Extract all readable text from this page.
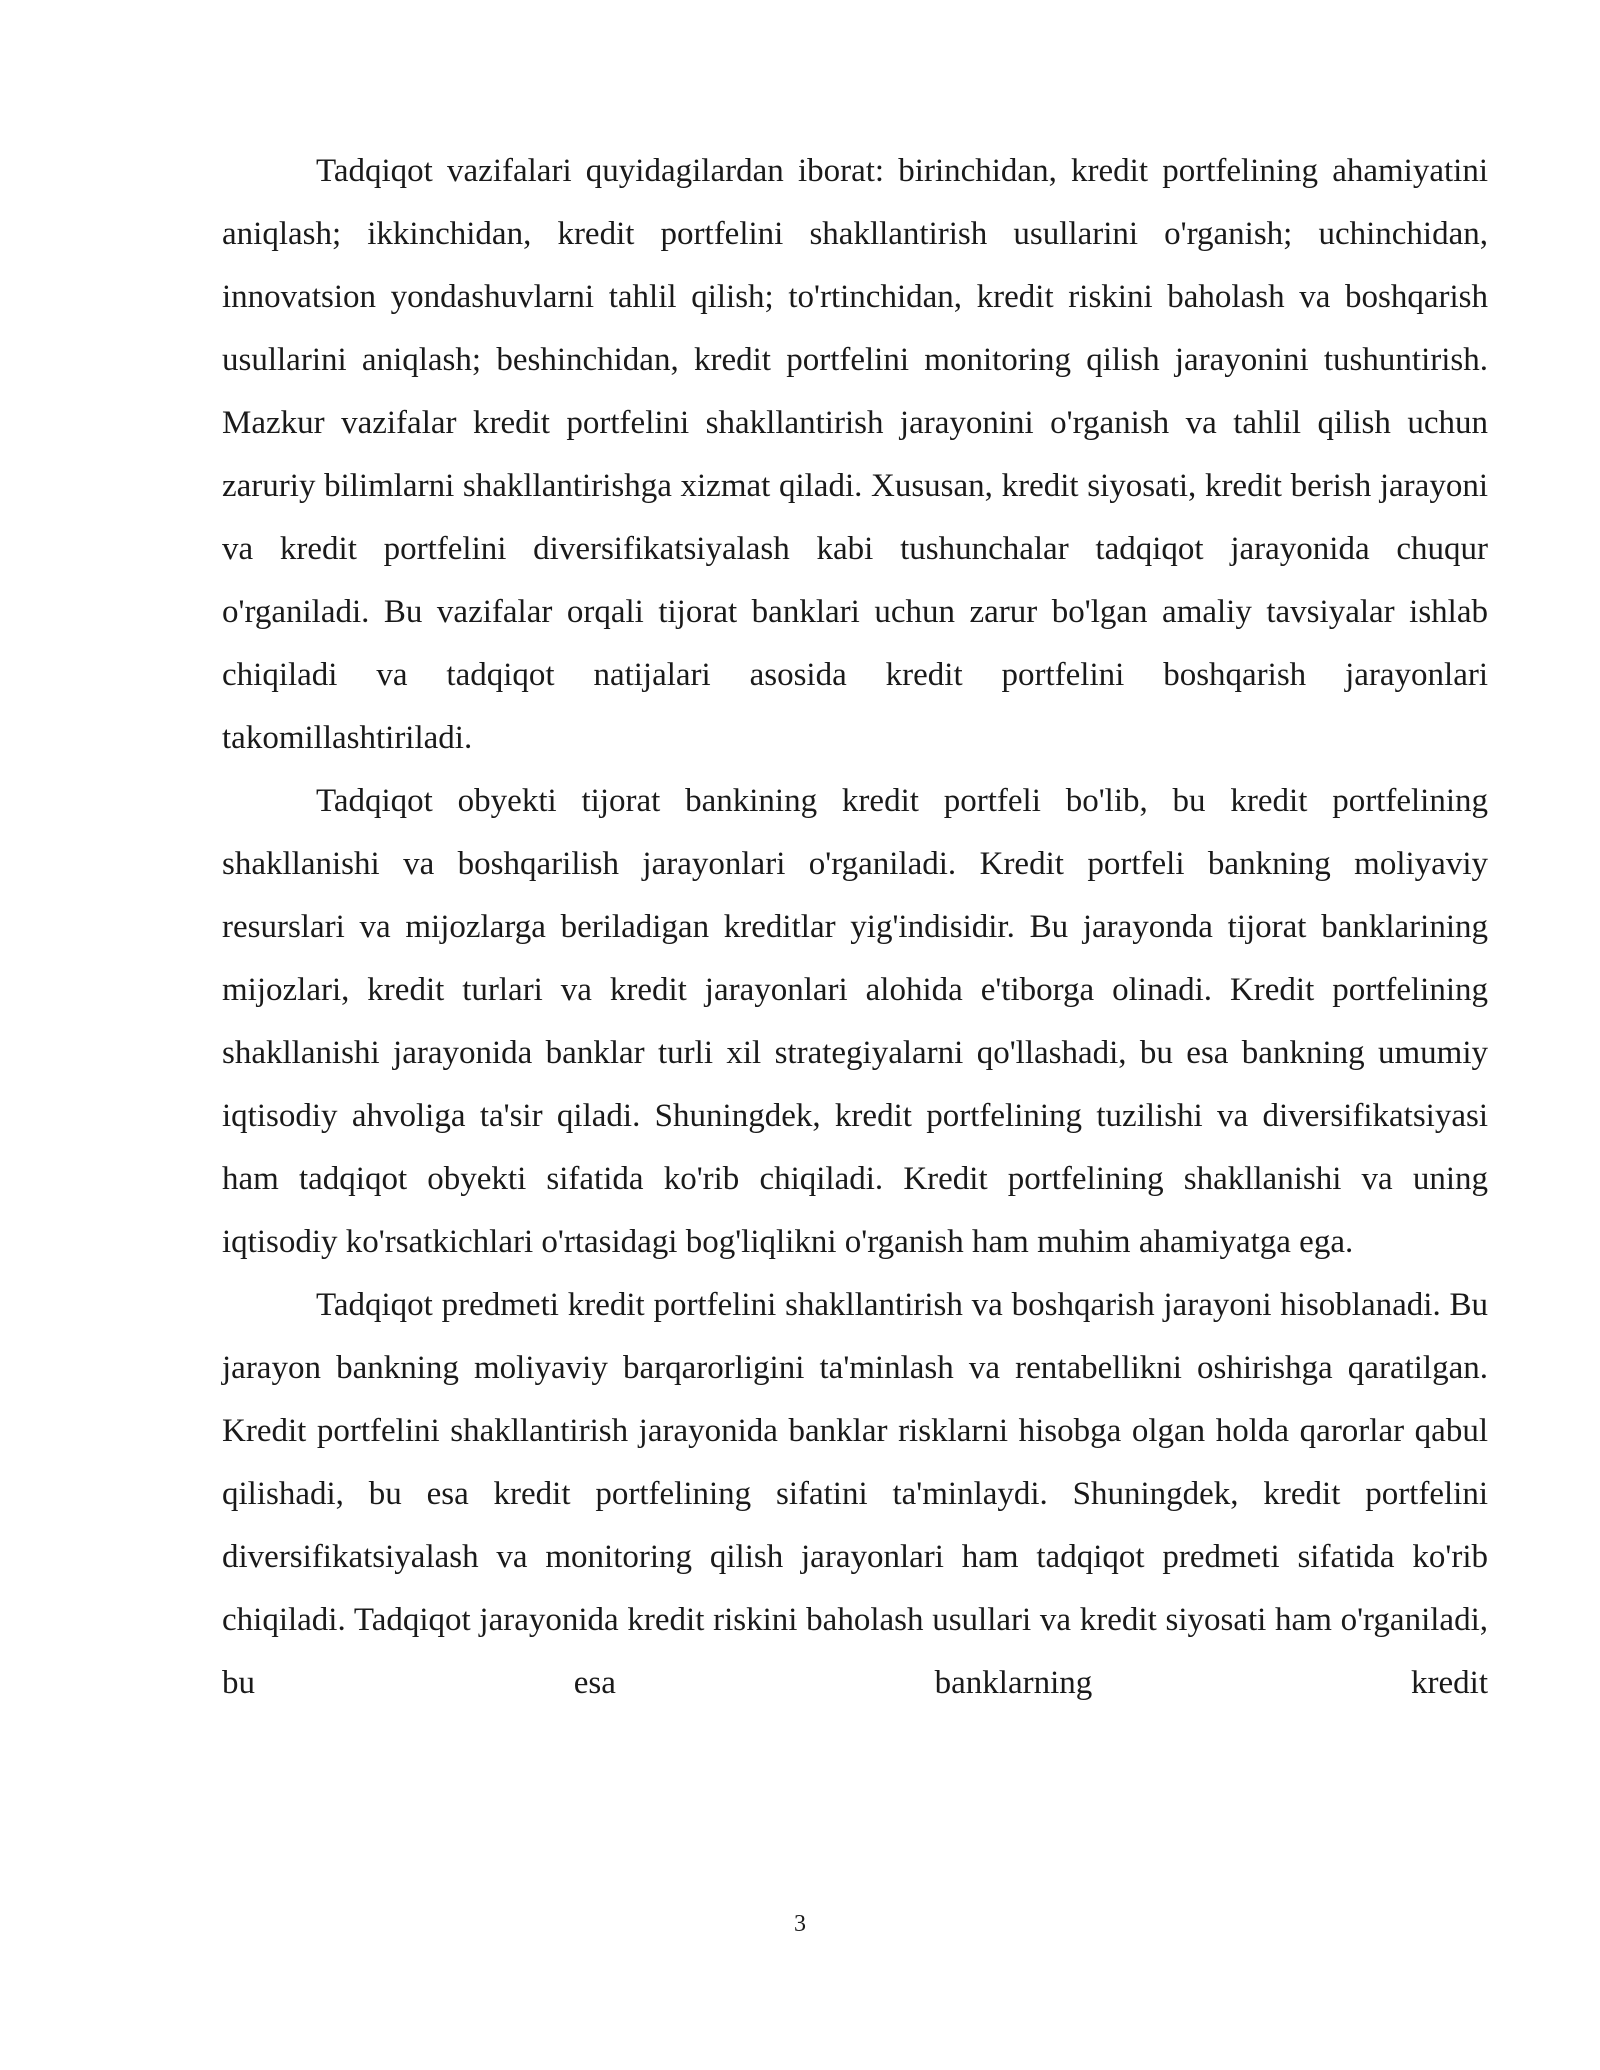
Tadqiqot vazifalari quyidagilardan iborat: birinchidan, kredit portfelining ahamiyatini aniqlash; ikkinchidan, kredit portfelini shakllantirish usullarini o'rganish; uchinchidan, innovatsion yondashuvlarni tahlil qilish; to'rtinchidan, kredit riskini baholash va boshqarish usullarini aniqlash; beshinchidan, kredit portfelini monitoring qilish jarayonini tushuntirish. Mazkur vazifalar kredit portfelini shakllantirish jarayonini o'rganish va tahlil qilish uchun zaruriy bilimlarni shakllantirishga xizmat qiladi. Xususan, kredit siyosati, kredit berish jarayoni va kredit portfelini diversifikatsiyalash kabi tushunchalar tadqiqot jarayonida chuqur o'rganiladi. Bu vazifalar orqali tijorat banklari uchun zarur bo'lgan amaliy tavsiyalar ishlab chiqiladi va tadqiqot natijalari asosida kredit portfelini boshqarish jarayonlari takomillashtiriladi.

Tadqiqot obyekti tijorat bankining kredit portfeli bo'lib, bu kredit portfelining shakllanishi va boshqarilish jarayonlari o'rganiladi. Kredit portfeli bankning moliyaviy resurslari va mijozlarga beriladigan kreditlar yig'indisidir. Bu jarayonda tijorat banklarining mijozlari, kredit turlari va kredit jarayonlari alohida e'tiborga olinadi. Kredit portfelining shakllanishi jarayonida banklar turli xil strategiyalarni qo'llashadi, bu esa bankning umumiy iqtisodiy ahvoliga ta'sir qiladi. Shuningdek, kredit portfelining tuzilishi va diversifikatsiyasi ham tadqiqot obyekti sifatida ko'rib chiqiladi. Kredit portfelining shakllanishi va uning iqtisodiy ko'rsatkichlari o'rtasidagi bog'liqlikni o'rganish ham muhim ahamiyatga ega.

Tadqiqot predmeti kredit portfelini shakllantirish va boshqarish jarayoni hisoblanadi. Bu jarayon bankning moliyaviy barqarorligini ta'minlash va rentabellikni oshirishga qaratilgan. Kredit portfelini shakllantirish jarayonida banklar risklarni hisobga olgan holda qarorlar qabul qilishadi, bu esa kredit portfelining sifatini ta'minlaydi. Shuningdek, kredit portfelini diversifikatsiyalash va monitoring qilish jarayonlari ham tadqiqot predmeti sifatida ko'rib chiqiladi. Tadqiqot jarayonida kredit riskini baholash usullari va kredit siyosati ham o'rganiladi, bu esa banklarning kredit

3
